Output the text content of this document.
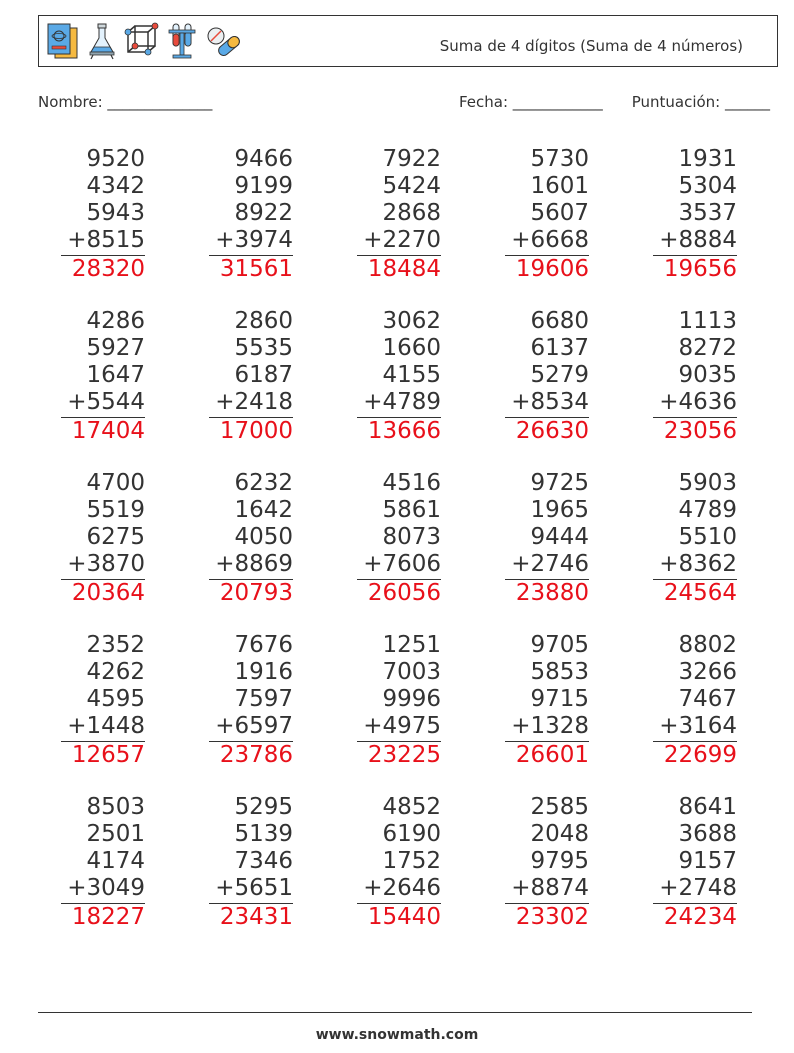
Suma de 4 dígitos (Suma de 4 números)
Nombre: ______________	Fecha: ____________ Puntuación: ______
9520
4342
5943
+8515
28320
9466
9199
8922
+3974
31561
7922
5424
2868
+2270
18484
5730
1601
5607
+6668
19606
1931
5304
3537
+8884
19656
4286
5927
1647
+5544
17404
2860
5535
6187
+2418
17000
3062
1660
4155
+4789
13666
6680
6137
5279
+8534
26630
1113
8272
9035
+4636
23056
4700
5519
6275
+3870
20364
6232
1642
4050
+8869
20793
4516
5861
8073
+7606
26056
9725
1965
9444
+2746
23880
5903
4789
5510
+8362
24564
2352
4262
4595
+1448
12657
7676
1916
7597
+6597
23786
1251
7003
9996
+4975
23225
9705
5853
9715
+1328
26601
8802
3266
7467
+3164
22699
8503
2501
4174
+3049
18227
5295
5139
7346
+5651
23431
4852
6190
1752
+2646
15440
2585
2048
9795
+8874
23302
8641
3688
9157
+2748
24234
www.snowmath.com
